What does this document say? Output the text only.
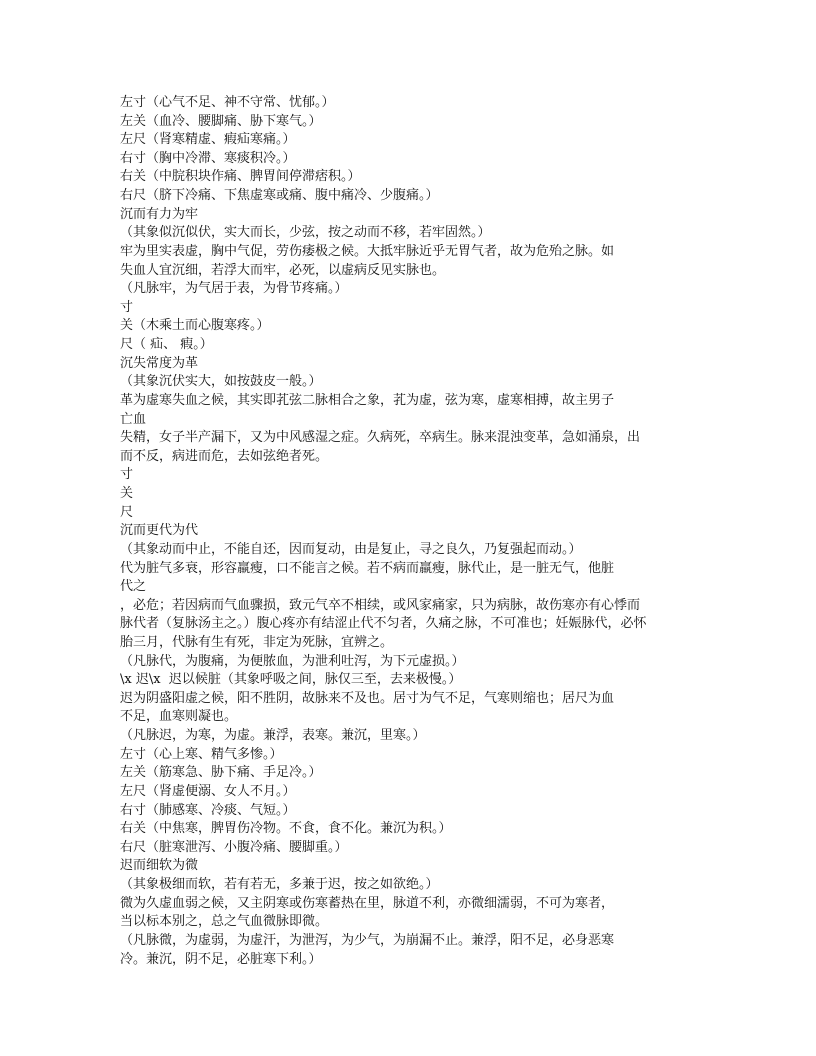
左寸（心气不足、神不守常、忧郁。）
左关（血冷、腰脚痛、胁下寒气。）
左尺（肾寒精虚、瘕疝寒痛。）
右寸（胸中冷滞、寒痰积冷。）
右关（中脘积块作痛、脾胃间停滞痞积。）
右尺（脐下冷痛、下焦虚寒或痛、腹中痛冷、少腹痛。）
沉而有力为牢
（其象似沉似伏，实大而长，少弦，按之动而不移，若牢固然。）
牢为里实表虚，胸中气促，劳伤痿极之候。大抵牢脉近乎无胃气者，故为危殆之脉。如
失血人宜沉细，若浮大而牢，必死，以虚病反见实脉也。
（凡脉牢，为气居于表，为骨节疼痛。）
寸
关（木乘土而心腹寒疼。）
尺（ 疝、 瘕。）
沉失常度为革
（其象沉伏实大，如按鼓皮一般。）
革为虚寒失血之候，其实即芤弦二脉相合之象，芤为虚，弦为寒，虚寒相搏，故主男子
亡血
失精，女子半产漏下，又为中风感湿之症。久病死，卒病生。脉来混浊变革，急如涌泉，出
而不反，病进而危，去如弦绝者死。
寸
关
尺
沉而更代为代
（其象动而中止，不能自还，因而复动，由是复止，寻之良久，乃复强起而动。）
代为脏气多衰，形容羸瘦，口不能言之候。若不病而羸瘦，脉代止，是一脏无气，他脏
代之
，必危；若因病而气血骤损，致元气卒不相续，或风家痛家，只为病脉，故伤寒亦有心悸而
脉代者（复脉汤主之。）腹心疼亦有结涩止代不匀者，久痛之脉，不可准也；妊娠脉代，必怀
胎三月，代脉有生有死，非定为死脉，宜辨之。
（凡脉代，为腹痛，为便脓血，为泄利吐泻，为下元虚损。）
\x 迟\x  迟以候脏（其象呼吸之间，脉仅三至，去来极慢。）
迟为阴盛阳虚之候，阳不胜阴，故脉来不及也。居寸为气不足，气寒则缩也；居尺为血
不足，血寒则凝也。
（凡脉迟，为寒，为虚。兼浮，表寒。兼沉，里寒。）
左寸（心上寒、精气多惨。）
左关（筋寒急、胁下痛、手足冷。）
左尺（肾虚便溺、女人不月。）
右寸（肺感寒、冷痰、气短。）
右关（中焦寒，脾胃伤冷物。不食，食不化。兼沉为积。）
右尺（脏寒泄泻、小腹冷痛、腰脚重。）
迟而细软为微
（其象极细而软，若有若无，多兼于迟，按之如欲绝。）
微为久虚血弱之候，又主阴寒或伤寒蓄热在里，脉道不利，亦微细濡弱，不可为寒者，
当以标本别之，总之气血微脉即微。
（凡脉微，为虚弱，为虚汗，为泄泻，为少气，为崩漏不止。兼浮，阳不足，必身恶寒
冷。兼沉，阴不足，必脏寒下利。）
